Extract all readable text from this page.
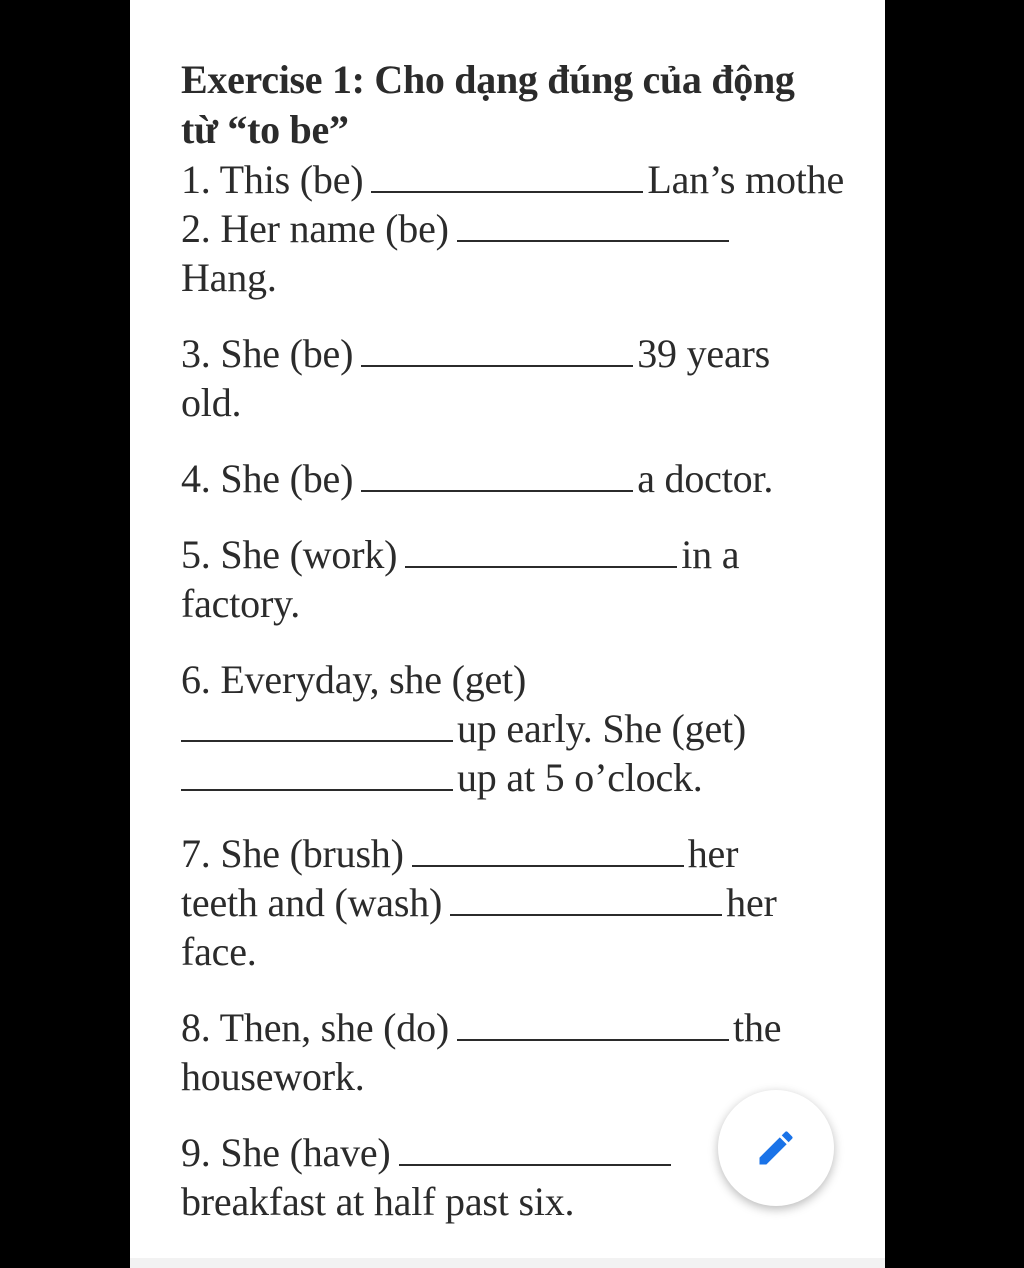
Exercise 1: Cho dạng đúng của động
từ “to be”
1. This (be)	Lan’s mothe
2. Her name (be)
Hang.
3. She (be)	39 years
old.
4. She (be)	a doctor.
5. She (work)	in a
factory.
6. Everyday, she (get)
up early. She (get)
up at 5 o’clock.
7. She (brush)	her
teeth and (wash)	her
face.
8. Then, she (do)	the
housework.
9. She (have)
breakfast at half past six.
